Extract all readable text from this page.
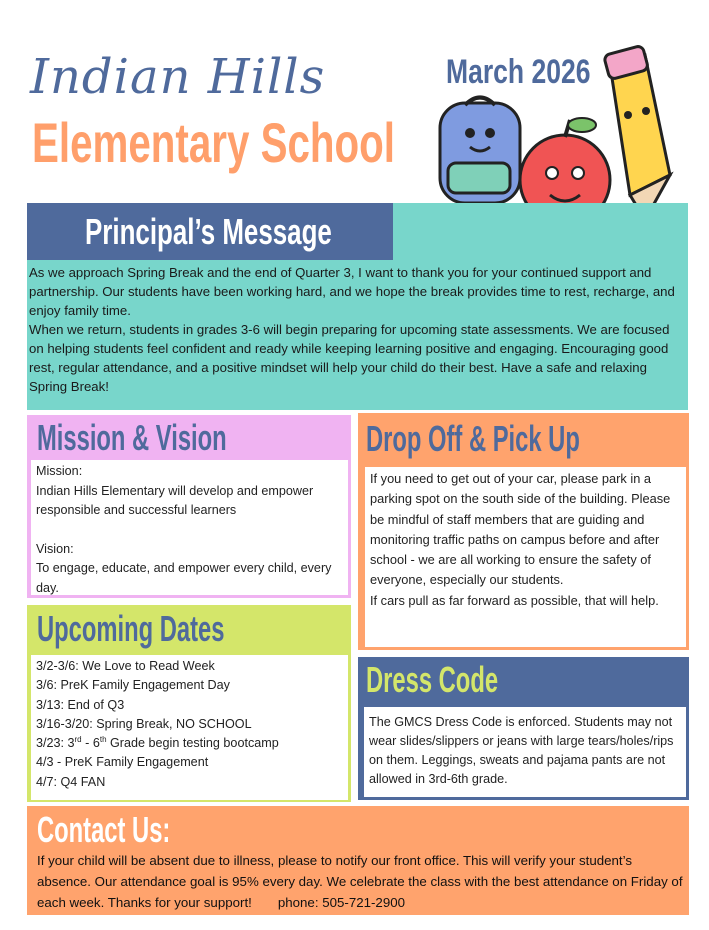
Indian Hills
Elementary School
March 2026
Principal’s Message

As we approach Spring Break and the end of Quarter 3, I want to thank you for your continued support and partnership. Our students have been working hard, and we hope the break provides time to rest, recharge, and enjoy family time.

When we return, students in grades 3-6 will begin preparing for upcoming state assessments. We are focused on helping students feel confident and ready while keeping learning positive and engaging. Encouraging good rest, regular attendance, and a positive mindset will help your child do their best. Have a safe and relaxing Spring Break!

Mission & Vision
Mission:
Indian Hills Elementary will develop and empower responsible and successful learners
Vision:
To engage, educate, and empower every child, every day.
Drop Off & Pick Up
If you need to get out of your car, please park in a parking spot on the south side of the building. Please be mindful of staff members that are guiding and monitoring traffic paths on campus before and after school - we are all working to ensure the safety of everyone, especially our students.
If cars pull as far forward as possible, that will help.
Upcoming Dates
3/2-3/6: We Love to Read Week
3/6: PreK Family Engagement Day
3/13: End of Q3
3/16-3/20: Spring Break, NO SCHOOL
3/23: 3rd - 6th Grade begin testing bootcamp
4/3 - PreK Family Engagement
4/7: Q4 FAN
Dress Code
The GMCS Dress Code is enforced. Students may not wear slides/slippers or jeans with large tears/holes/rips on them. Leggings, sweats and pajama pants are not allowed in 3rd-6th grade.
Contact Us:
If your child will be absent due to illness, please to notify our front office. This will verify your student’s absence. Our attendance goal is 95% every day. We celebrate the class with the best attendance on Friday of each week. Thanks for your support! phone: 505-721-2900
